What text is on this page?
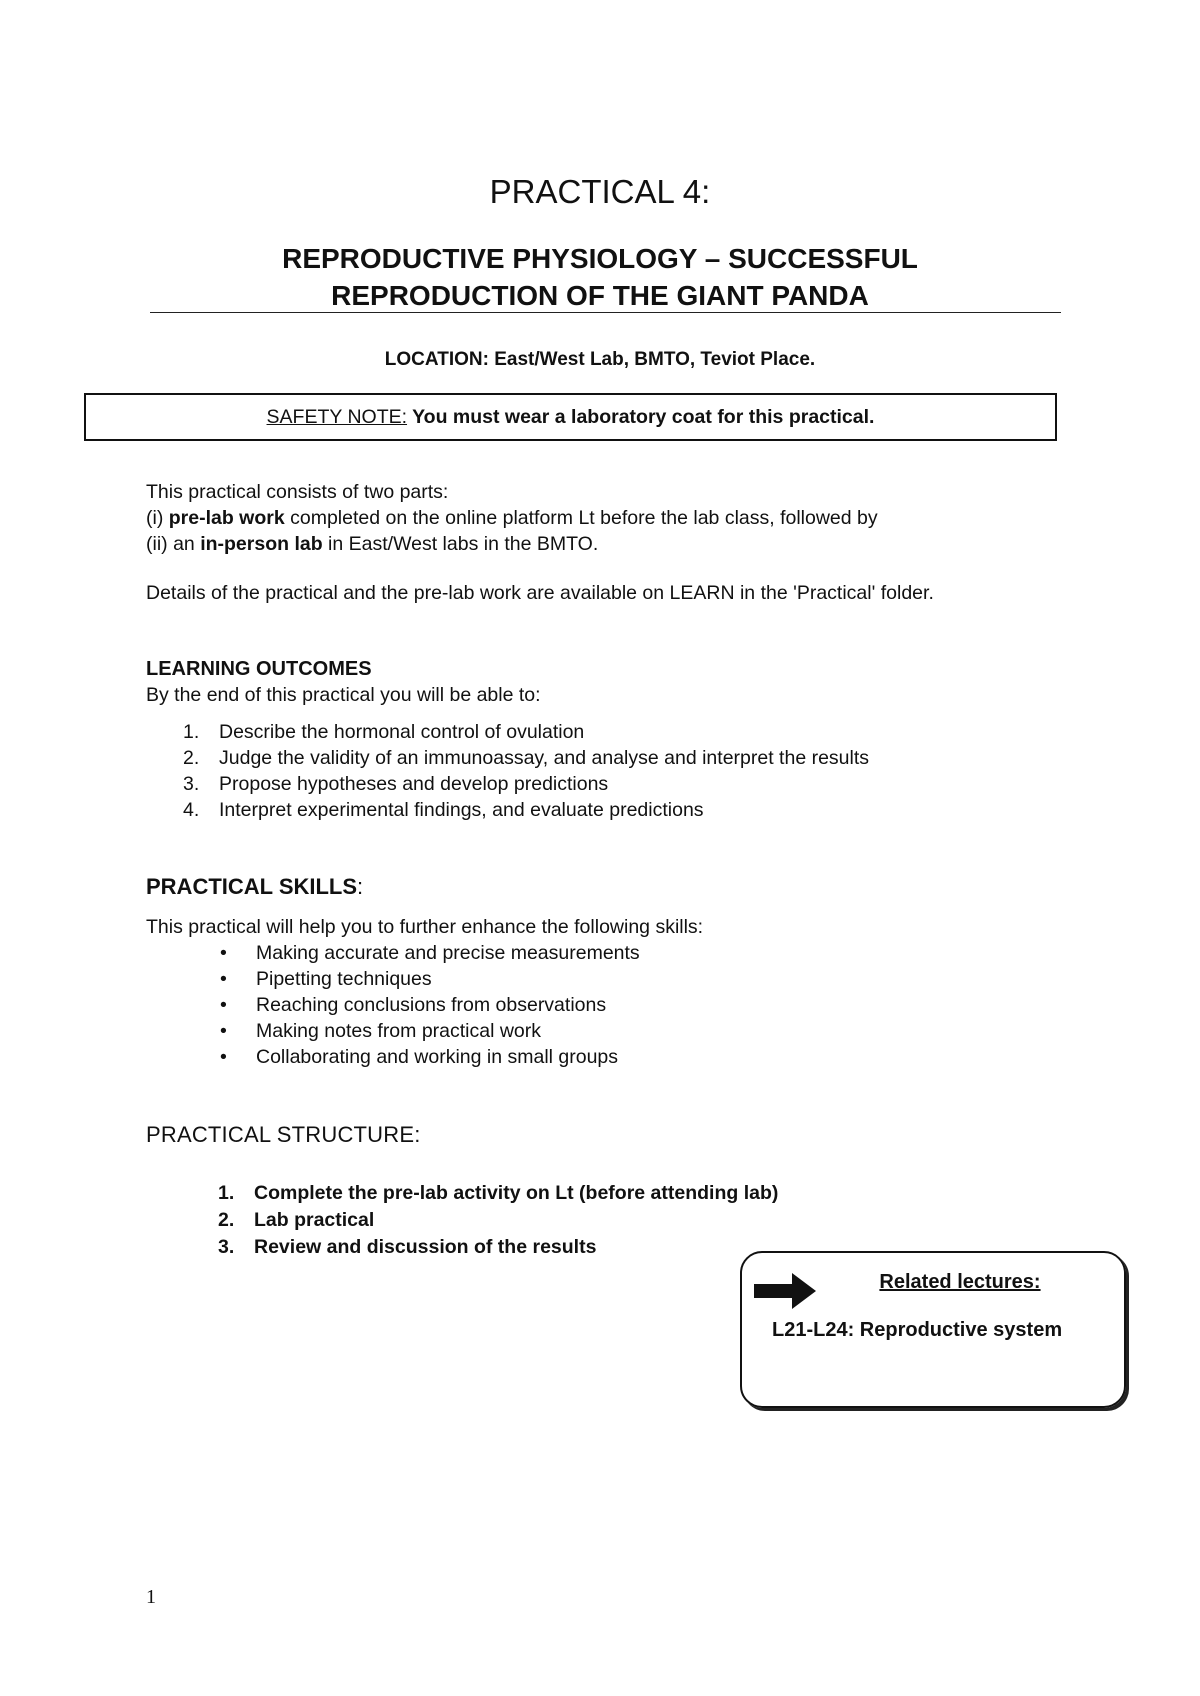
PRACTICAL 4:
REPRODUCTIVE PHYSIOLOGY – SUCCESSFUL
REPRODUCTION OF THE GIANT PANDA
LOCATION: East/West Lab, BMTO, Teviot Place.
SAFETY NOTE: You must wear a laboratory coat for this practical.
This practical consists of two parts:
(i) pre-lab work completed on the online platform Lt before the lab class, followed by
(ii) an in-person lab in East/West labs in the BMTO.
Details of the practical and the pre-lab work are available on LEARN in the 'Practical' folder.
LEARNING OUTCOMES
By the end of this practical you will be able to:
1.	Describe the hormonal control of ovulation
2.	Judge the validity of an immunoassay, and analyse and interpret the results
3.	Propose hypotheses and develop predictions
4.	Interpret experimental findings, and evaluate predictions
PRACTICAL SKILLS:
This practical will help you to further enhance the following skills:
• Making accurate and precise measurements
• Pipetting techniques
• Reaching conclusions from observations
• Making notes from practical work
• Collaborating and working in small groups
PRACTICAL STRUCTURE:
1.	Complete the pre-lab activity on Lt (before attending lab)
2.	Lab practical
3.	Review and discussion of the results
Related lectures:
L21-L24: Reproductive system
1
